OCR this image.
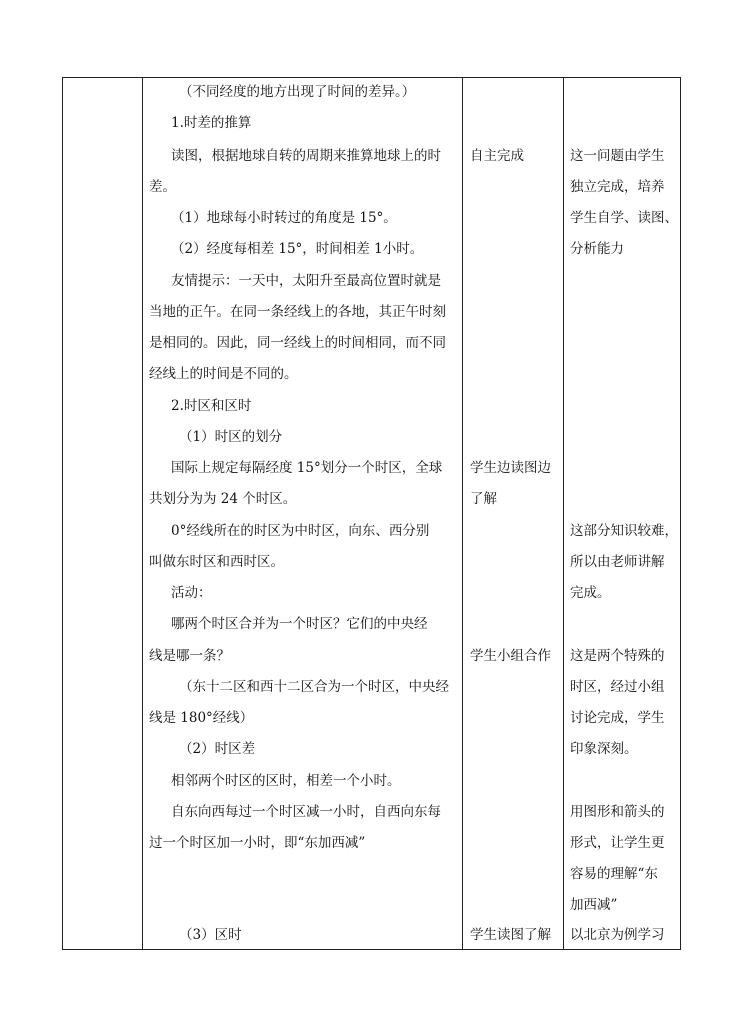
（不同经度的地方出现了时间的差异。）
1.时差的推算
读图，根据地球自转的周期来推算地球上的时
差。
（1）地球每小时转过的角度是 15°。
（2）经度每相差 15°，时间相差 1小时。
友情提示：一天中，太阳升至最高位置时就是
当地的正午。在同一条经线上的各地，其正午时刻
是相同的。因此，同一经线上的时间相同，而不同
经线上的时间是不同的。
2.时区和区时
（1）时区的划分
国际上规定每隔经度 15°划分一个时区，全球
共划分为为 24 个时区。
0°经线所在的时区为中时区，向东、西分别
叫做东时区和西时区。
活动：
哪两个时区合并为一个时区？它们的中央经
线是哪一条？
（东十二区和西十二区合为一个时区，中央经
线是 180°经线）
（2）时区差
相邻两个时区的区时，相差一个小时。
自东向西每过一个时区减一小时，自西向东每
过一个时区加一小时，即“东加西减”
（3）区时
自主完成
学生边读图边
了解
学生小组合作
学生读图了解
这一问题由学生
独立完成，培养
学生自学、读图、
分析能力
这部分知识较难，
所以由老师讲解
完成。
这是两个特殊的
时区，经过小组
讨论完成，学生
印象深刻。
用图形和箭头的
形式，让学生更
容易的理解“东
加西减”
以北京为例学习
